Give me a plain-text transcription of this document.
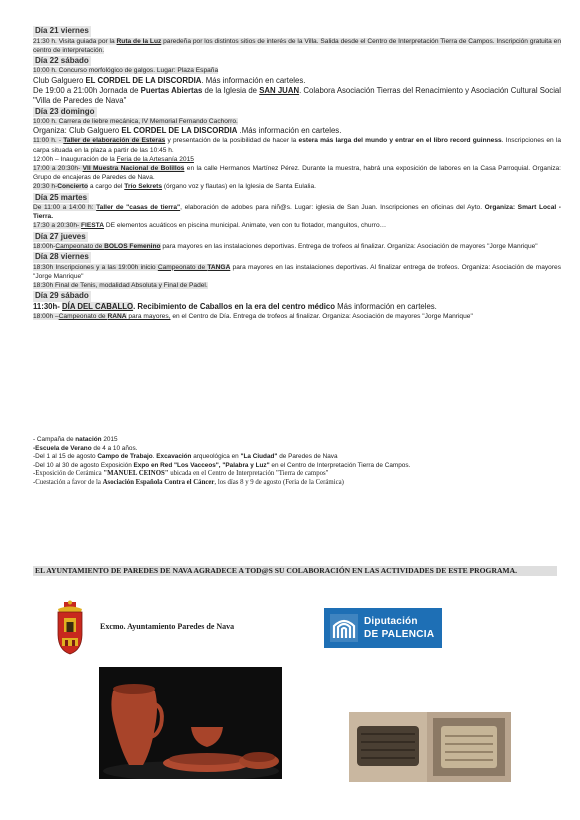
Día 21 viernes
21:30 h. Visita guiada por la Ruta de la Luz paredeña por los distintos sitios de interés de la Villa. Salida desde el Centro de Interpretación Tierra de Campos. Inscripción gratuita en centro de interpretación.
Día 22 sábado
10:00 h. Concurso morfológico de galgos. Lugar: Plaza España
Club Galguero EL CORDEL DE LA DISCORDIA. Más información en carteles.
De 19:00 a 21:00h Jornada de Puertas Abiertas de la Iglesia de SAN JUAN. Colabora Asociación Tierras del Renacimiento y Asociación Cultural Social "Villa de Paredes de Nava"
Día 23 domingo
10:00 h. Carrera de liebre mecánica, IV Memorial Fernando Cachorro.
Organiza: Club Galguero EL CORDEL DE LA DISCORDIA .Más información en carteles.
11:00 h. - Taller de elaboración de Esteras y presentación de la posibilidad de hacer la estera más larga del mundo y entrar en el libro record guinness. Inscripciones en la carpa situada en la plaza a partir de las 10:45 h.
12:00h – Inauguración de la Feria de la Artesanía 2015
17:00 a 20:30h- VII Muestra Nacional de Bolillos en la calle Hermanos Martínez Pérez. Durante la muestra, habrá una exposición de labores en la Casa Parroquial. Organiza: Grupo de encajeras de Paredes de Nava.
20:30 h-Concierto a cargo del Trío Sekrets (órgano voz y flautas) en la Iglesia de Santa Eulalia.
Día 25 martes
De 11:00 a 14:00 h: Taller de "casas de tierra", elaboración de adobes para niñ@s. Lugar: iglesia de San Juan. Inscripciones en oficinas del Ayto. Organiza: Smart Local - Tierra.
17:30 a 20:30h- FIESTA DE elementos acuáticos en piscina municipal. Animate, ven con tu flotador, manguitos, churro…
Día 27 jueves
18:00h-Campeonato de BOLOS Femenino para mayores en las instalaciones deportivas. Entrega de trofeos al finalizar. Organiza: Asociación de mayores "Jorge Manrique"
Día 28 viernes
18:30h Inscripciones y a las 19:00h inicio Campeonato de TANGA para mayores en las instalaciones deportivas. Al finalizar entrega de trofeos. Organiza: Asociación de mayores "Jorge Manrique"
18:30h Final de Tenis, modalidad Absoluta y Final de Padel.
Día 29 sábado
11:30h- DÍA DEL CABALLO. Recibimiento de Caballos en la era del centro médico Más información en carteles.
18:00h –Campeonato de RANA para mayores, en el Centro de Día. Entrega de trofeos al finalizar. Organiza: Asociación de mayores "Jorge Manrique"
- Campaña de natación 2015
-Escuela de Verano de 4 a 10 años.
-Del 1 al 15 de agosto Campo de Trabajo. Excavación arqueológica en "La Ciudad" de Paredes de Nava
-Del 10 al 30 de agosto Exposición Expo en Red "Los Vacceos", "Palabra y Luz" en el Centro de Interpretación Tierra de Campos.
-Exposición de Cerámica "MANUEL CEINOS" ubicada en el Centro de Interpretación "Tierra de campos"
-Cuestación a favor de la Asociación Española Contra el Cáncer, los días 8 y 9 de agosto (Feria de la Cerámica)
EL AYUNTAMIENTO DE PAREDES DE NAVA AGRADECE A TOD@S SU COLABORACIÓN EN LAS ACTIVIDADES DE ESTE PROGRAMA.
Excmo. Ayuntamiento Paredes de Nava	Diputación
DE PALENCIA
